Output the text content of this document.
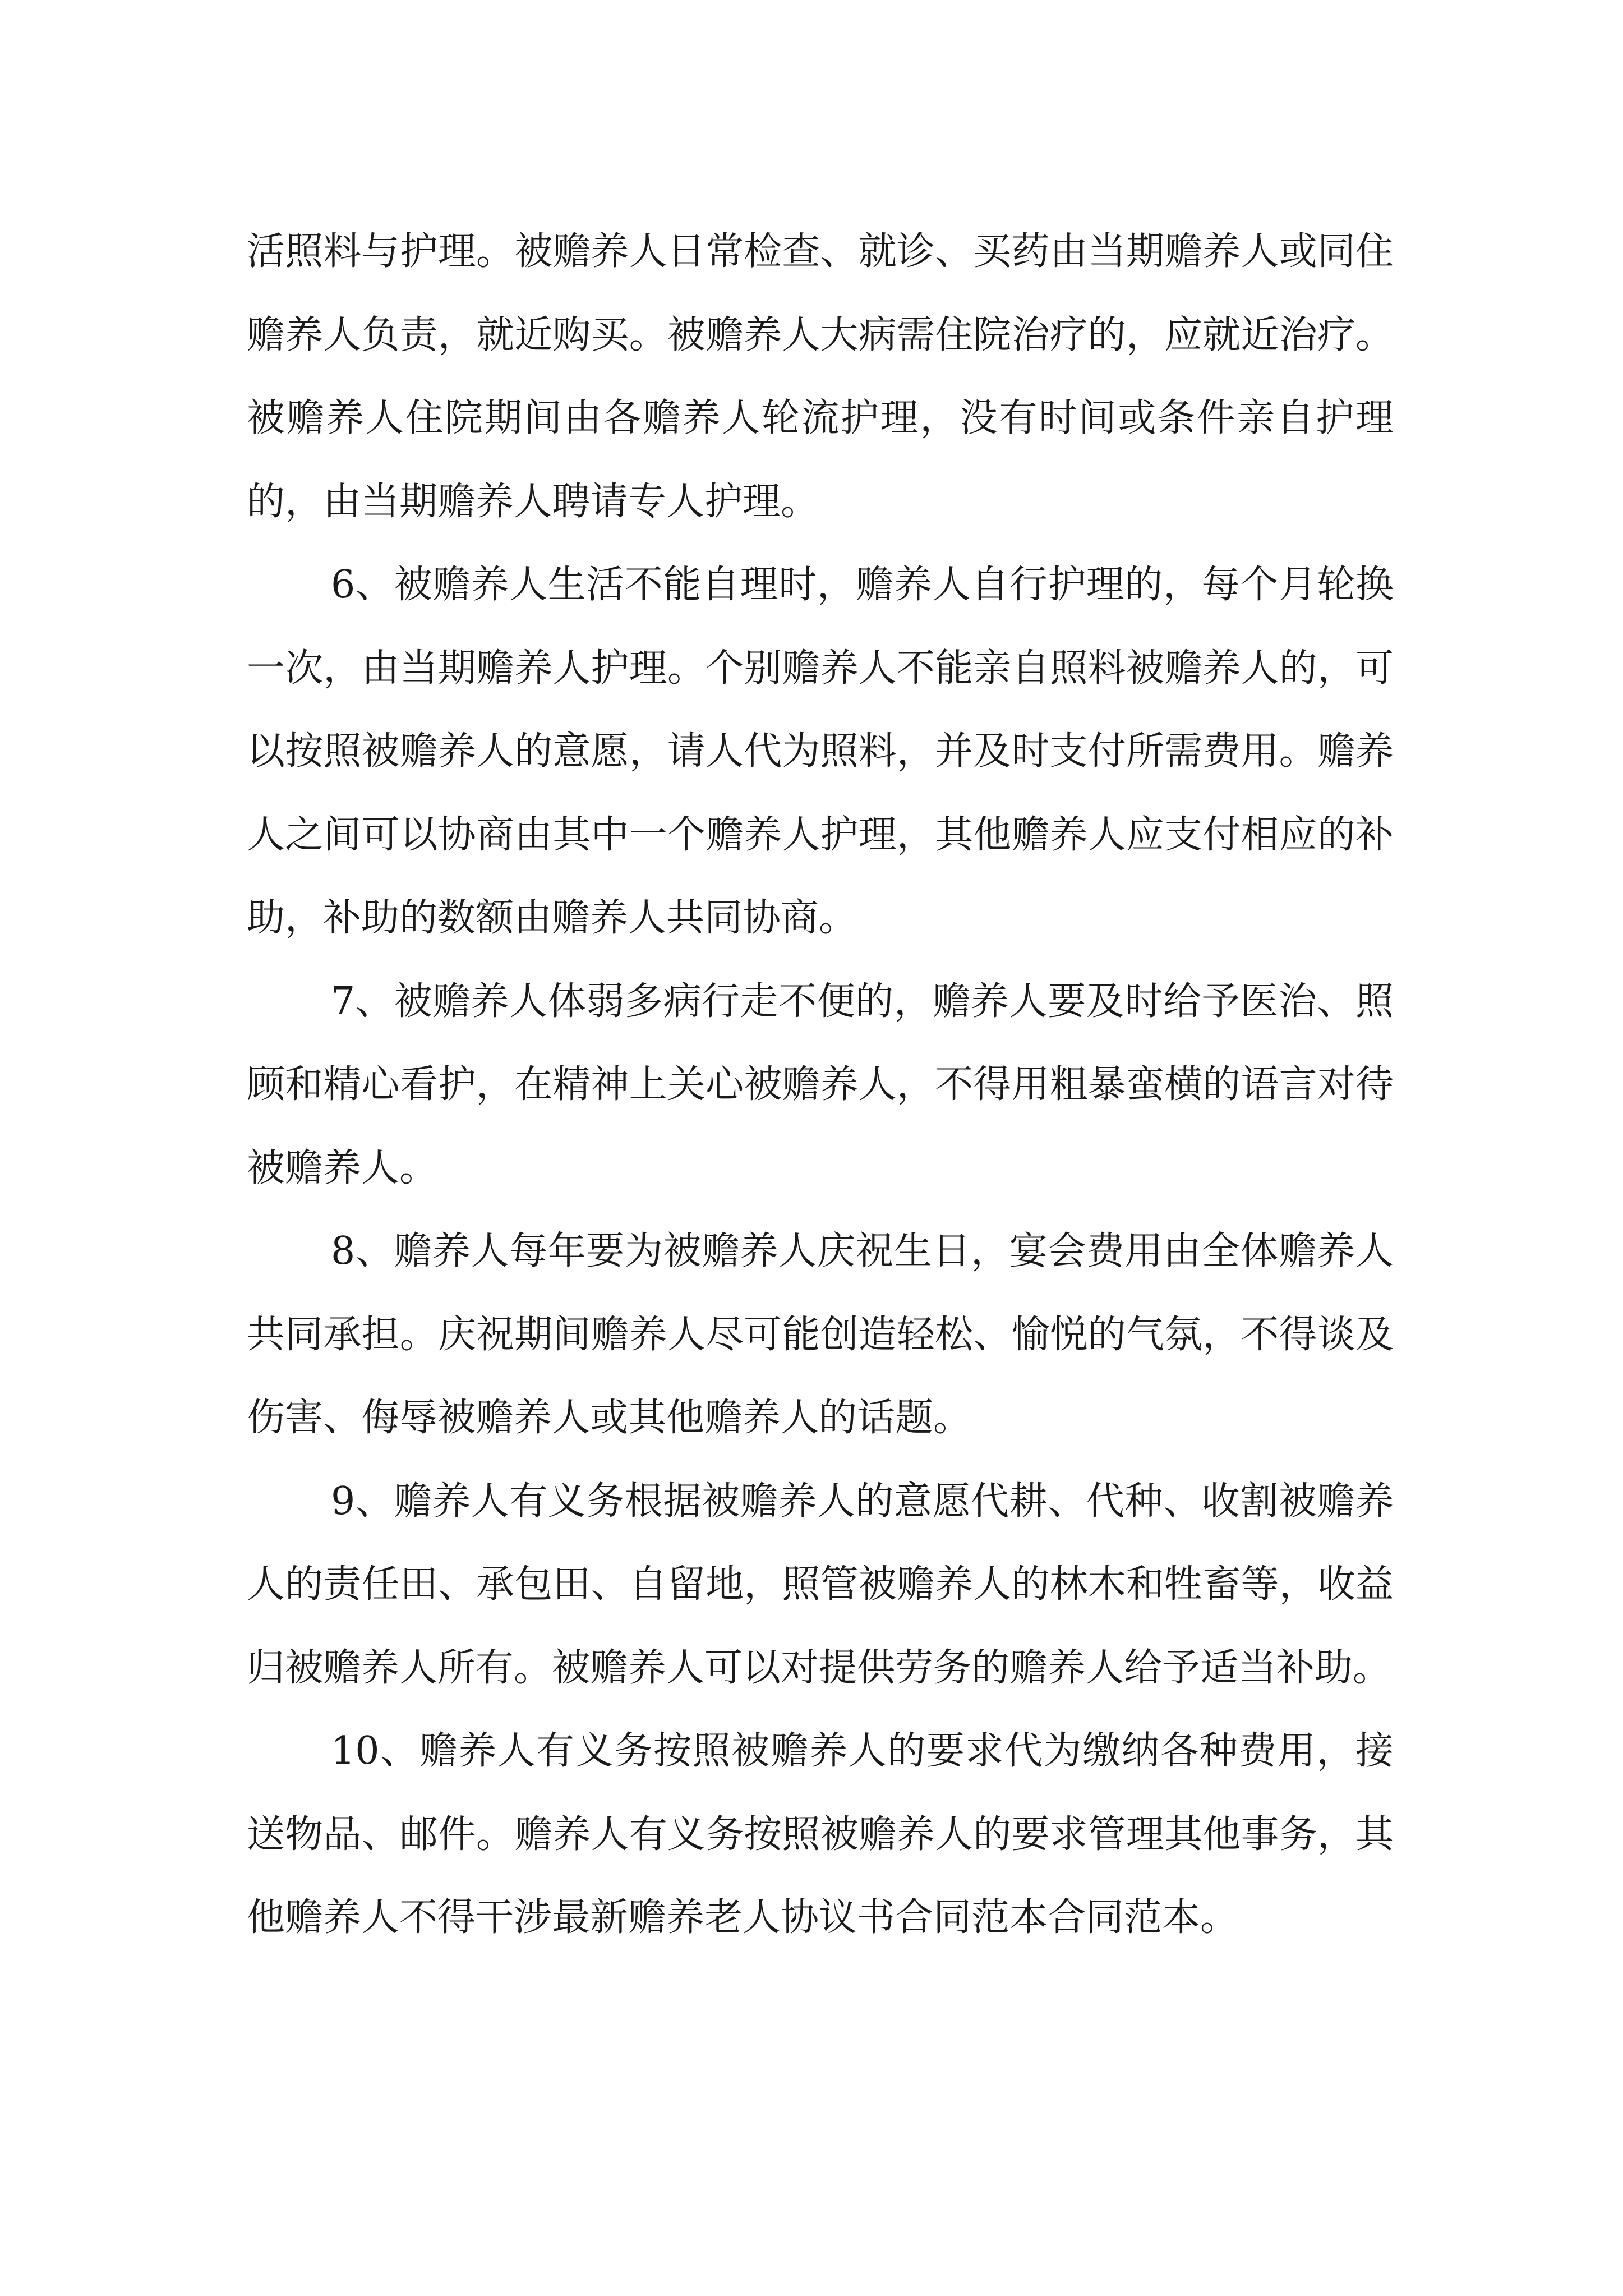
活照料与护理。被赡养人日常检查、就诊、买药由当期赡养人或同住赡养人负责，就近购买。被赡养人大病需住院治疗的，应就近治疗。被赡养人住院期间由各赡养人轮流护理，没有时间或条件亲自护理的，由当期赡养人聘请专人护理。

6、被赡养人生活不能自理时，赡养人自行护理的，每个月轮换一次，由当期赡养人护理。个别赡养人不能亲自照料被赡养人的，可以按照被赡养人的意愿，请人代为照料，并及时支付所需费用。赡养人之间可以协商由其中一个赡养人护理，其他赡养人应支付相应的补助，补助的数额由赡养人共同协商。

7、被赡养人体弱多病行走不便的，赡养人要及时给予医治、照顾和精心看护，在精神上关心被赡养人，不得用粗暴蛮横的语言对待被赡养人。

8、赡养人每年要为被赡养人庆祝生日，宴会费用由全体赡养人共同承担。庆祝期间赡养人尽可能创造轻松、愉悦的气氛，不得谈及伤害、侮辱被赡养人或其他赡养人的话题。

9、赡养人有义务根据被赡养人的意愿代耕、代种、收割被赡养人的责任田、承包田、自留地，照管被赡养人的林木和牲畜等，收益归被赡养人所有。被赡养人可以对提供劳务的赡养人给予适当补助。

10、赡养人有义务按照被赡养人的要求代为缴纳各种费用，接送物品、邮件。赡养人有义务按照被赡养人的要求管理其他事务，其他赡养人不得干涉最新赡养老人协议书合同范本合同范本。
